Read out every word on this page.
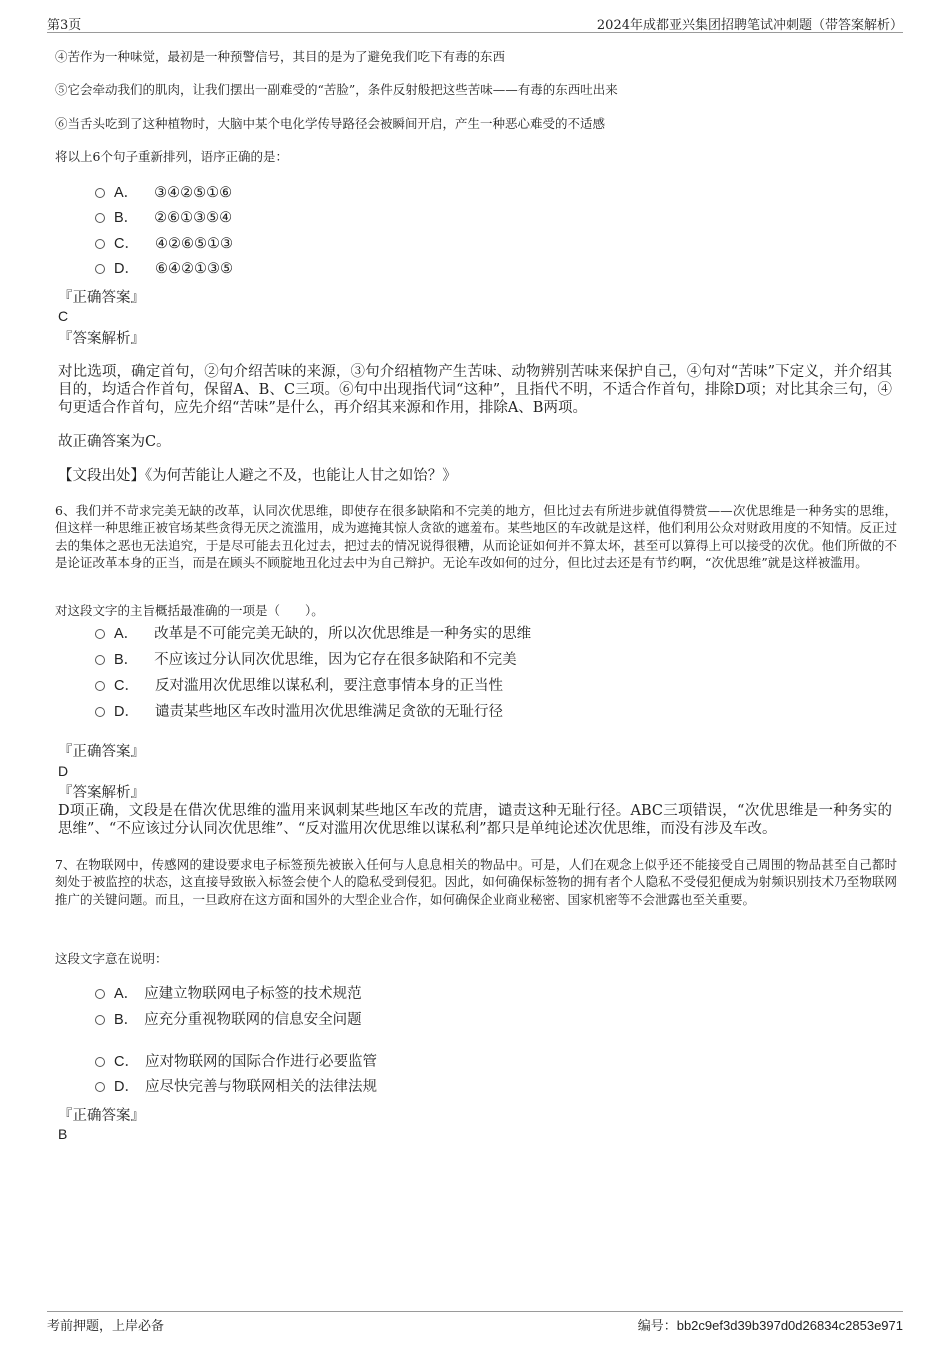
第3页	2024年成都亚兴集团招聘笔试冲刺题（带答案解析）
④苦作为一种味觉，最初是一种预警信号，其目的是为了避免我们吃下有毒的东西
⑤它会牵动我们的肌肉，让我们摆出一副难受的“苦脸”，条件反射般把这些苦味——有毒的东西吐出来
⑥当舌头吃到了这种植物时，大脑中某个电化学传导路径会被瞬间开启，产生一种恶心难受的不适感
将以上6个句子重新排列，语序正确的是：
A． ③④②⑤①⑥
B． ②⑥①③⑤④
C． ④②⑥⑤①③
D． ⑥④②①③⑤
『正确答案』
C
『答案解析』
对比选项，确定首句，②句介绍苦味的来源，③句介绍植物产生苦味、动物辨别苦味来保护自己，④句对“苦味”下定义，并介绍其目的，均适合作首句，保留A、B、C三项。⑥句中出现指代词“这种”，且指代不明，不适合作首句，排除D项；对比其余三句，④句更适合作首句，应先介绍“苦味”是什么，再介绍其来源和作用，排除A、B两项。
故正确答案为C。
【文段出处】《为何苦能让人避之不及，也能让人甘之如饴？》
6、我们并不苛求完美无缺的改革，认同次优思维，即使存在很多缺陷和不完美的地方，但比过去有所进步就值得赞赏——次优思维是一种务实的思维，但这样一种思维正被官场某些贪得无厌之流滥用，成为遮掩其惊人贪欲的遮羞布。某些地区的车改就是这样，他们利用公众对财政用度的不知情。反正过去的集体之恶也无法追究，于是尽可能去丑化过去，把过去的情况说得很糟，从而论证如何并不算太坏，甚至可以算得上可以接受的次优。他们所做的不是论证改革本身的正当，而是在顾头不顾腚地丑化过去中为自己辩护。无论车改如何的过分，但比过去还是有节约啊，“次优思维”就是这样被滥用。
对这段文字的主旨概括最准确的一项是（　　）。
A． 改革是不可能完美无缺的，所以次优思维是一种务实的思维
B． 不应该过分认同次优思维，因为它存在很多缺陷和不完美
C． 反对滥用次优思维以谋私利，要注意事情本身的正当性
D． 谴责某些地区车改时滥用次优思维满足贪欲的无耻行径
『正确答案』
D
『答案解析』
D项正确，文段是在借次优思维的滥用来讽刺某些地区车改的荒唐，谴责这种无耻行径。ABC三项错误，“次优思维是一种务实的思维”、“不应该过分认同次优思维”、“反对滥用次优思维以谋私利”都只是单纯论述次优思维，而没有涉及车改。
7、在物联网中，传感网的建设要求电子标签预先被嵌入任何与人息息相关的物品中。可是，人们在观念上似乎还不能接受自己周围的物品甚至自己都时刻处于被监控的状态，这直接导致嵌入标签会使个人的隐私受到侵犯。因此，如何确保标签物的拥有者个人隐私不受侵犯便成为射频识别技术乃至物联网推广的关键问题。而且，一旦政府在这方面和国外的大型企业合作，如何确保企业商业秘密、国家机密等不会泄露也至关重要。
这段文字意在说明：
A． 应建立物联网电子标签的技术规范
B． 应充分重视物联网的信息安全问题
C． 应对物联网的国际合作进行必要监管
D． 应尽快完善与物联网相关的法律法规
『正确答案』
B
考前押题，上岸必备	编号：bb2c9ef3d39b397d0d26834c2853e971
